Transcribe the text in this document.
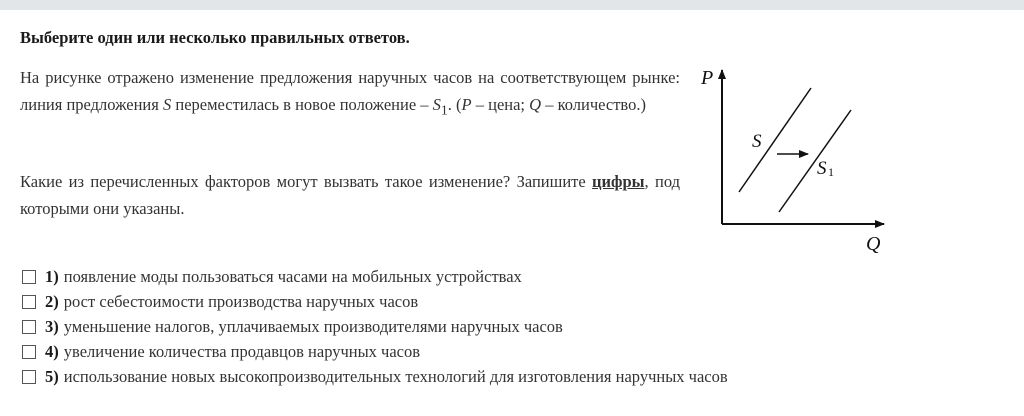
Выберите один или несколько правильных ответов.
На рисунке отражено изменение предложения наручных часов на соответствующем рынке: линия предложения S переместилась в новое положение – $S_1$. (P – цена; Q – количество.)
Какие из перечисленных факторов могут вызвать такое изменение? Запишите цифры, под которыми они указаны.
P
Q
S
S 1
1) появление моды пользоваться часами на мобильных устройствах
2) рост себестоимости производства наручных часов
3) уменьшение налогов, уплачиваемых производителями наручных часов
4) увеличение количества продавцов наручных часов
5) использование новых высокопроизводительных технологий для изготовления наручных часов
